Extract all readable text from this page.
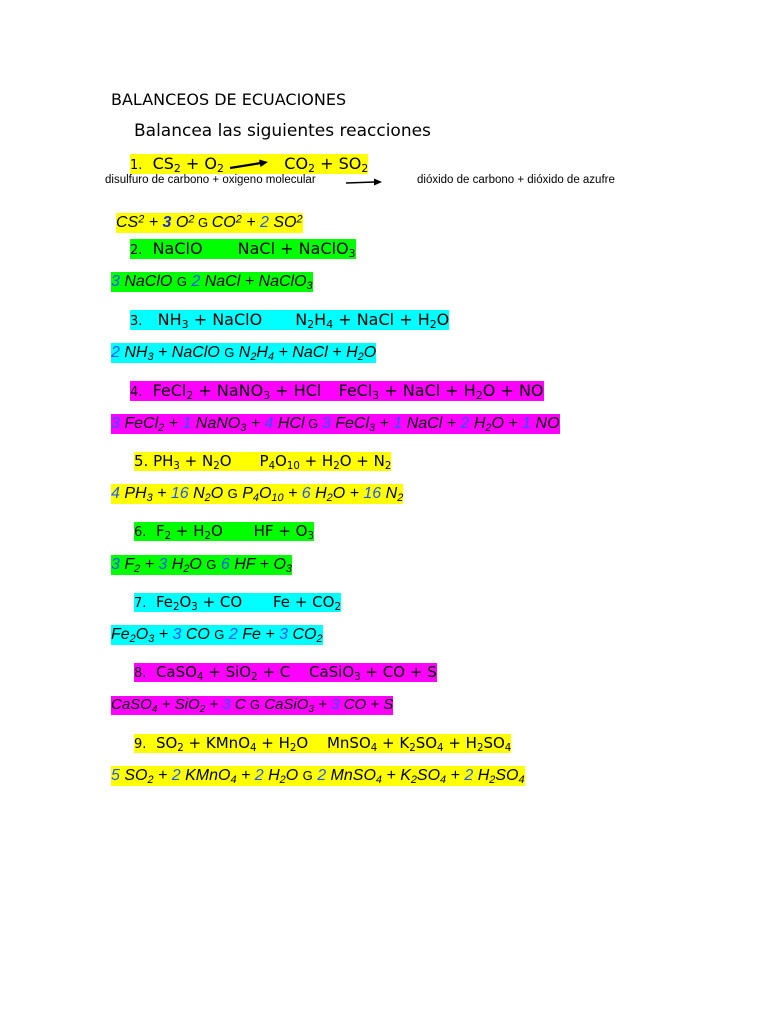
BALANCEOS DE ECUACIONES
Balancea las siguientes reacciones
1. CS2 + O2	CO2 + SO2
disulfuro de carbono + oxigeno molecular	dióxido de carbono + dióxido de azufre
$CS^2 + 3$ $O^2$ G $CO^2 + 2$ $SO^2$
2. NaClO NaCl + NaClO3
3 NaClO G 2 NaCl + NaClO3
3. NH3 + NaClO N2H4 + NaCl + H2O
2 NH3 + NaClO G N2H4 + NaCl + H2O
4. FeCl2 + NaNO3 + HCl FeCl3 + NaCl + H2O + NO
3 FeCl2 + 1 NaNO3 + 4 HCl G 3 FeCl3 + 1 NaCl + 2 H2O + 1 NO
5. PH3 + N2O P4O10 + H2O + N2
4 PH3 + 16 N2O G P4O10 + 6 H2O + 16 N2
6. F2 + H2O HF + O3
3 F2 + 3 H2O G 6 HF + O3
7. Fe2O3 + CO Fe + CO2
Fe2O3 + 3 CO G 2 Fe + 3 CO2
8. CaSO4 + SiO2 + C CaSiO3 + CO + S
CaSO4 + SiO2 + 3 C G CaSiO3 + 3 CO + S
9. SO2 + KMnO4 + H2O MnSO4 + K2SO4 + H2SO4
5 SO2 + 2 KMnO4 + 2 H2O G 2 MnSO4 + K2SO4 + 2 H2SO4
